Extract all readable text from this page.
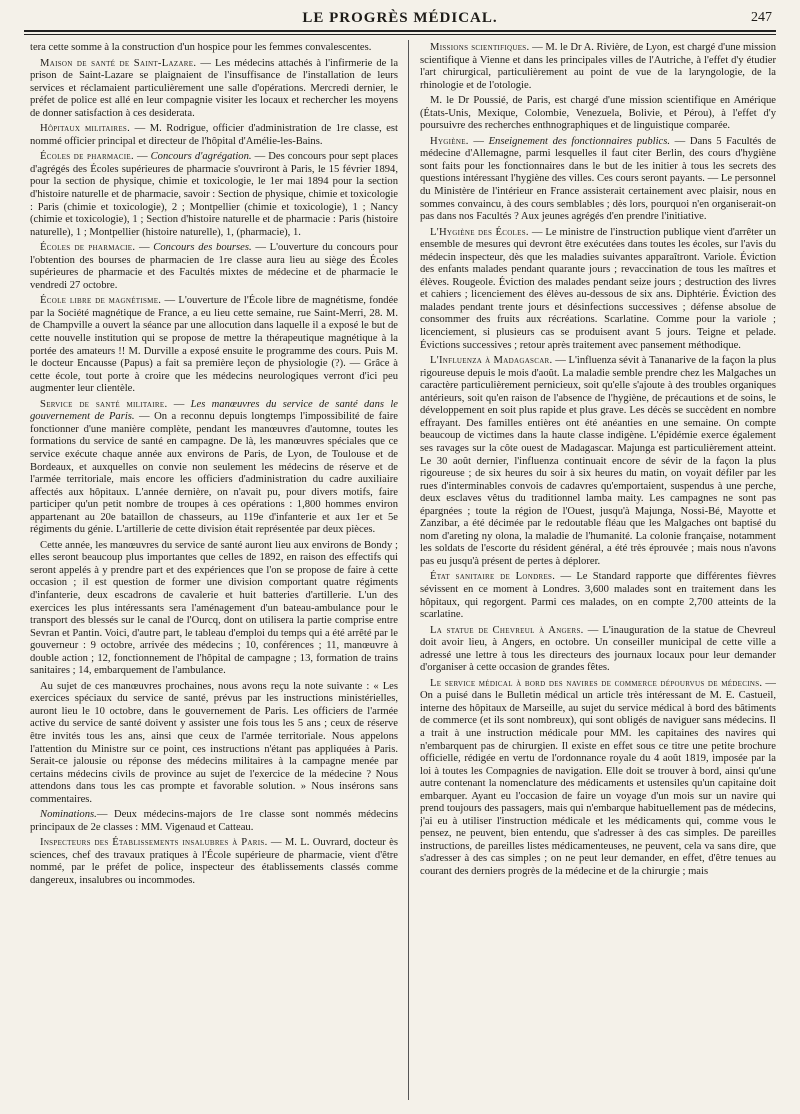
LE PROGRÈS MÉDICAL.	247

tera cette somme à la construction d'un hospice pour les femmes convalescentes.

Maison de santé de Saint-Lazare. — Les médecins attachés à l'infirmerie de la prison de Saint-Lazare se plaignaient de l'insuffisance de l'installation de leurs services et réclamaient particulièrement une salle d'opérations. Mercredi dernier, le préfet de police est allé en leur compagnie visiter les locaux et rechercher les moyens de donner satisfaction à ces desiderata.

Hôpitaux militaires. — M. Rodrigue, officier d'administration de 1re classe, est nommé officier principal et directeur de l'hôpital d'Amélie-les-Bains.

Écoles de pharmacie. — Concours d'agrégation. — Des concours pour sept places d'agrégés des Écoles supérieures de pharmacie s'ouvriront à Paris, le 15 février 1894, pour la section de physique, chimie et toxicologie, le 1er mai 1894 pour la section d'histoire naturelle et de pharmacie, savoir : Section de physique, chimie et toxicologie : Paris (chimie et toxicologie), 2 ; Montpellier (chimie et toxicologie), 1 ; Nancy (chimie et toxicologie), 1 ; Section d'histoire naturelle et de pharmacie : Paris (histoire naturelle), 1 ; Montpellier (histoire naturelle), 1, (pharmacie), 1.

Écoles de pharmacie. — Concours des bourses. — L'ouverture du concours pour l'obtention des bourses de pharmacien de 1re classe aura lieu au siège des Écoles supérieures de pharmacie et des Facultés mixtes de médecine et de pharmacie le vendredi 27 octobre.

École libre de magnétisme. — L'ouverture de l'École libre de magnétisme, fondée par la Société magnétique de France, a eu lieu cette semaine, rue Saint-Merri, 28. M. de Champville a ouvert la séance par une allocution dans laquelle il a exposé le but de cette nouvelle institution qui se propose de mettre la thérapeutique magnétique à la portée des amateurs !! M. Durville a exposé ensuite le programme des cours. Puis M. le docteur Encausse (Papus) a fait sa première leçon de physiologie (?). — Grâce à cette école, tout porte à croire que les médecins neurologiques verront d'ici peu augmenter leur clientèle.

Service de santé militaire. — Les manœuvres du service de santé dans le gouvernement de Paris. — On a reconnu depuis longtemps l'impossibilité de faire fonctionner d'une manière complète, pendant les manœuvres d'automne, toutes les formations du service de santé en campagne. De là, les manœuvres spéciales que ce service exécute chaque année aux environs de Paris, de Lyon, de Toulouse et de Bordeaux, et auxquelles on convie non seulement les médecins de réserve et de l'armée territoriale, mais encore les officiers d'administration du cadre auxiliaire affectés aux hôpitaux. L'année dernière, on n'avait pu, pour divers motifs, faire participer qu'un petit nombre de troupes à ces opérations : 1,800 hommes environ appartenant au 20e bataillon de chasseurs, au 119e d'infanterie et aux 1er et 5e régiments du génie. L'artillerie de cette division était représentée par deux pièces.

Cette année, les manœuvres du service de santé auront lieu aux environs de Bondy ; elles seront beaucoup plus importantes que celles de 1892, en raison des effectifs qui seront appelés à y prendre part et des expériences que l'on se propose de faire à cette occasion ; il est question de former une division comportant quatre régiments d'infanterie, deux escadrons de cavalerie et huit batteries d'artillerie. L'un des exercices les plus intéressants sera l'aménagement d'un bateau-ambulance pour le transport des blessés sur le canal de l'Ourcq, dont on utilisera la partie comprise entre Sevran et Pantin. Voici, d'autre part, le tableau d'emploi du temps qui a été arrêté par le gouverneur : 9 octobre, arrivée des médecins ; 10, conférences ; 11, manœuvre à double action ; 12, fonctionnement de l'hôpital de campagne ; 13, formation de trains sanitaires ; 14, embarquement de l'ambulance.

Au sujet de ces manœuvres prochaines, nous avons reçu la note suivante : « Les exercices spéciaux du service de santé, prévus par les instructions ministérielles, auront lieu le 10 octobre, dans le gouvernement de Paris. Les officiers de l'armée active du service de santé doivent y assister une fois tous les 5 ans ; ceux de réserve être invités tous les ans, ainsi que ceux de l'armée territoriale. Nous appelons l'attention du Ministre sur ce point, ces instructions n'étant pas appliquées à Paris. Serait-ce jalousie ou réponse des médecins militaires à la campagne menée par certains médecins civils de province au sujet de l'exercice de la médecine ? Nous attendons dans tous les cas prompte et favorable solution. » Nous insérons sans commentaires.

Nominations.— Deux médecins-majors de 1re classe sont nommés médecins principaux de 2e classes : MM. Vigenaud et Catteau.

Inspecteurs des Établissements insalubres à Paris. — M. L. Ouvrard, docteur ès sciences, chef des travaux pratiques à l'École supérieure de pharmacie, vient d'être nommé, par le préfet de police, inspecteur des établissements classés comme dangereux, insalubres ou incommodes.

Missions scientifiques. — M. le Dr A. Rivière, de Lyon, est chargé d'une mission scientifique à Vienne et dans les principales villes de l'Autriche, à l'effet d'y étudier l'art chirurgical, particulièrement au point de vue de la laryngologie, de la rhinologie et de l'otologie.

M. le Dr Poussié, de Paris, est chargé d'une mission scientifique en Amérique (États-Unis, Mexique, Colombie, Venezuela, Bolivie, et Pérou), à l'effet d'y poursuivre des recherches enthnographiques et de linguistique comparée.

Hygiène. — Enseignement des fonctionnaires publics. — Dans 5 Facultés de médecine d'Allemagne, parmi lesquelles il faut citer Berlin, des cours d'hygiène sont faits pour les fonctionnaires dans le but de les initier à tous les secrets des questions intéressant l'hygiène des villes. Ces cours seront payants. — Le personnel du Ministère de l'intérieur en France assisterait certainement avec plaisir, nous en sommes convaincu, à des cours semblables ; dès lors, pourquoi n'en organiserait-on pas dans nos Facultés ? Aux jeunes agrégés d'en prendre l'initiative.

L'Hygiène des Écoles. — Le ministre de l'instruction publique vient d'arrêter un ensemble de mesures qui devront être exécutées dans toutes les écoles, sur l'avis du médecin inspecteur, dès que les maladies suivantes apparaîtront. Variole. Éviction des enfants malades pendant quarante jours ; revaccination de tous les maîtres et élèves. Rougeole. Éviction des malades pendant seize jours ; destruction des livres et cahiers ; licenciement des élèves au-dessous de six ans. Diphtérie. Éviction des malades pendant trente jours et désinfections successives ; défense absolue de consommer des fruits aux récréations. Scarlatine. Comme pour la variole ; licenciement, si plusieurs cas se produisent avant 5 jours. Teigne et pelade. Évictions successives ; retour après traitement avec pansement méthodique.

L'Influenza à Madagascar. — L'influenza sévit à Tananarive de la façon la plus rigoureuse depuis le mois d'août. La maladie semble prendre chez les Malgaches un caractère particulièrement pernicieux, soit qu'elle s'ajoute à des troubles organiques antérieurs, soit qu'en raison de l'absence de l'hygiène, de précautions et de soins, le développement en soit plus rapide et plus grave. Les décès se succèdent en nombre effrayant. Des familles entières ont été anéanties en une semaine. On compte beaucoup de victimes dans la haute classe indigène. L'épidémie exerce également ses ravages sur la côte ouest de Madagascar. Majunga est particulièrement atteint. Le 30 août dernier, l'influenza continuait encore de sévir de la façon la plus rigoureuse ; de six heures du soir à six heures du matin, on voyait défiler par les rues d'interminables convois de cadavres qu'emportaient, suspendus à une perche, deux esclaves vêtus du traditionnel lamba maity. Les campagnes ne sont pas épargnées ; toute la région de l'Ouest, jusqu'à Majunga, Nossi-Bé, Mayotte et Zanzibar, a été décimée par le redoutable fléau que les Malgaches ont baptisé du nom d'areting ny olona, la maladie de l'humanité. La colonie française, notamment les soldats de l'escorte du résident général, a été très éprouvée ; mais nous n'avons pas eu jusqu'à présent de pertes à déplorer.

État sanitaire de Londres. — Le Standard rapporte que différentes fièvres sévissent en ce moment à Londres. 3,600 malades sont en traitement dans les hôpitaux, qui regorgent. Parmi ces malades, on en compte 2,700 atteints de la scarlatine.

La statue de Chevreul à Angers. — L'inauguration de la statue de Chevreul doit avoir lieu, à Angers, en octobre. Un conseiller municipal de cette ville a adressé une lettre à tous les directeurs des journaux locaux pour leur demander d'organiser à cette occasion de grandes fêtes.

Le service médical à bord des navires de commerce dépourvus de médecins. — On a puisé dans le Bulletin médical un article très intéressant de M. E. Castueil, interne des hôpitaux de Marseille, au sujet du service médical à bord des bâtiments de commerce (et ils sont nombreux), qui sont obligés de naviguer sans médecins. Il a trait à une instruction médicale pour MM. les capitaines des navires qui n'embarquent pas de chirurgien. Il existe en effet sous ce titre une petite brochure officielle, rédigée en vertu de l'ordonnance royale du 4 août 1819, imposée par la loi à toutes les Compagnies de navigation. Elle doit se trouver à bord, ainsi qu'une autre contenant la nomenclature des médicaments et ustensiles qu'un capitaine doit embarquer. Ayant eu l'occasion de faire un voyage d'un mois sur un navire qui prend toujours des passagers, mais qui n'embarque habituellement pas de médecins, j'ai eu à utiliser l'instruction médicale et les médicaments qui, comme vous le pensez, ne peuvent, bien entendu, que s'adresser à des cas simples. De pareilles instructions, de pareilles listes médicamenteuses, ne peuvent, cela va sans dire, que s'adresser à des cas simples ; on ne peut leur demander, en effet, d'être tenues au courant des derniers progrès de la médecine et de la chirurgie ; mais
